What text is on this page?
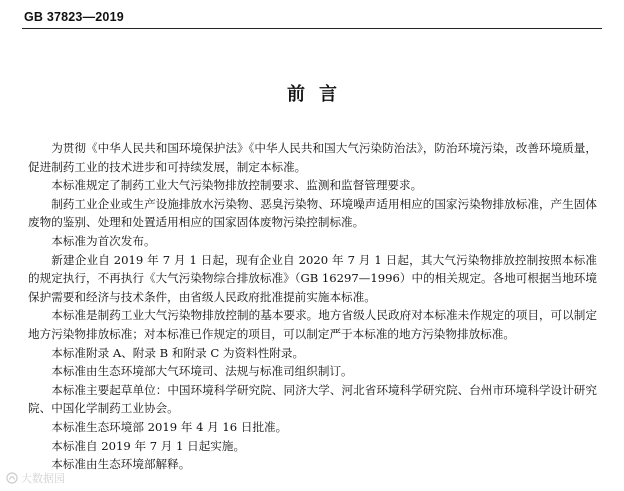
GB 37823—2019
前言

为贯彻《中华人民共和国环境保护法》《中华人民共和国大气污染防治法》，防治环境污染，改善环境质量，促进制药工业的技术进步和可持续发展，制定本标准。

本标准规定了制药工业大气污染物排放控制要求、监测和监督管理要求。

制药工业企业或生产设施排放水污染物、恶臭污染物、环境噪声适用相应的国家污染物排放标准，产生固体废物的鉴别、处理和处置适用相应的国家固体废物污染控制标准。

本标准为首次发布。

新建企业自 2019 年 7 月 1 日起，现有企业自 2020 年 7 月 1 日起，其大气污染物排放控制按照本标准的规定执行，不再执行《大气污染物综合排放标准》（GB 16297—1996）中的相关规定。各地可根据当地环境保护需要和经济与技术条件，由省级人民政府批准提前实施本标准。

本标准是制药工业大气污染物排放控制的基本要求。地方省级人民政府对本标准未作规定的项目，可以制定地方污染物排放标准；对本标准已作规定的项目，可以制定严于本标准的地方污染物排放标准。

本标准附录 A、附录 B 和附录 C 为资料性附录。

本标准由生态环境部大气环境司、法规与标准司组织制订。

本标准主要起草单位：中国环境科学研究院、同济大学、河北省环境科学研究院、台州市环境科学设计研究院、中国化学制药工业协会。

本标准生态环境部 2019 年 4 月 16 日批准。

本标准自 2019 年 7 月 1 日起实施。

本标准由生态环境部解释。

大数据园
